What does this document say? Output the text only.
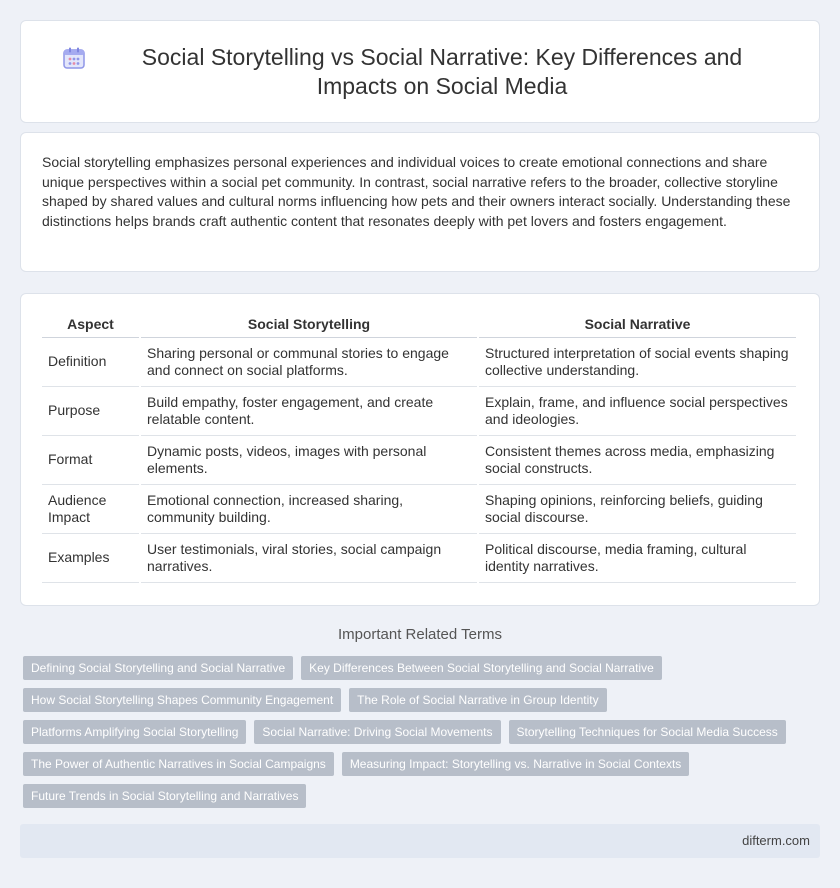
Social Storytelling vs Social Narrative: Key Differences and Impacts on Social Media

Social storytelling emphasizes personal experiences and individual voices to create emotional connections and share unique perspectives within a social pet community. In contrast, social narrative refers to the broader, collective storyline shaped by shared values and cultural norms influencing how pets and their owners interact socially. Understanding these distinctions helps brands craft authentic content that resonates deeply with pet lovers and fosters engagement.

Aspect	Social Storytelling	Social Narrative
Definition	Sharing personal or communal stories to engage and connect on social platforms.	Structured interpretation of social events shaping collective understanding.
Purpose	Build empathy, foster engagement, and create relatable content.	Explain, frame, and influence social perspectives and ideologies.
Format	Dynamic posts, videos, images with personal elements.	Consistent themes across media, emphasizing social constructs.
Audience Impact	Emotional connection, increased sharing, community building.	Shaping opinions, reinforcing beliefs, guiding social discourse.
Examples	User testimonials, viral stories, social campaign narratives.	Political discourse, media framing, cultural identity narratives.
Important Related Terms
Defining Social Storytelling and Social Narrative	Key Differences Between Social Storytelling and Social Narrative
How Social Storytelling Shapes Community Engagement	The Role of Social Narrative in Group Identity
Platforms Amplifying Social Storytelling	Social Narrative: Driving Social Movements	Storytelling Techniques for Social Media Success
The Power of Authentic Narratives in Social Campaigns	Measuring Impact: Storytelling vs. Narrative in Social Contexts
Future Trends in Social Storytelling and Narratives
difterm.com
